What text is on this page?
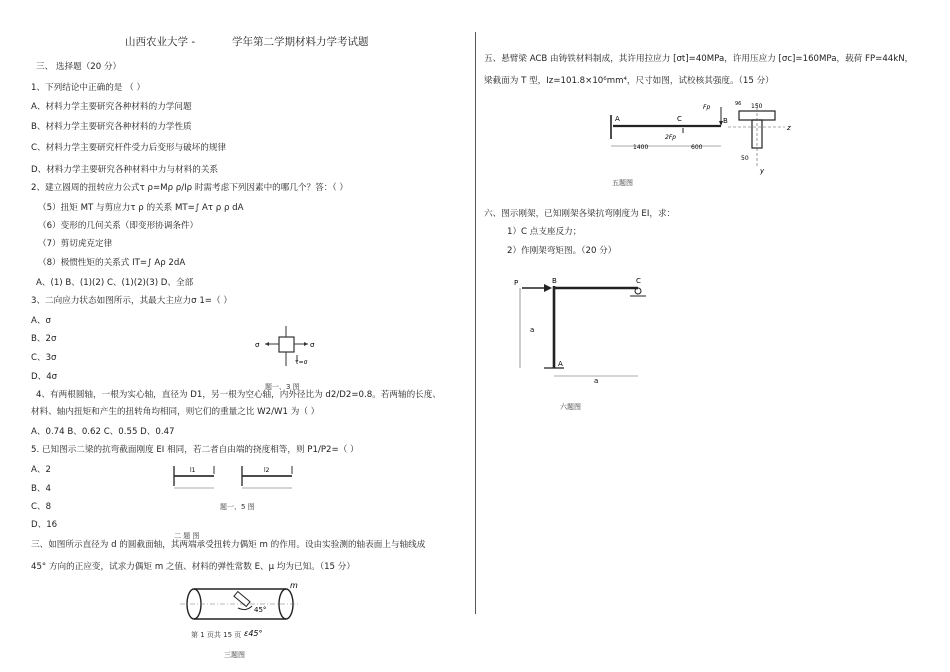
山西农业大学 -	学年第二学期材料力学考试题
三、 选择题（20 分）
1、下列结论中正确的是 （ ）
A、材料力学主要研究各种材料的力学问题
B、材料力学主要研究各种材料的力学性质
C、材料力学主要研究杆件受力后变形与破坏的规律
D、材料力学主要研究各种材料中力与材料的关系
2、建立圆周的扭转应力公式τ ρ=Mρ ρ/Iρ 时需考虑下列因素中的哪几个？答：（ ）
（5）扭矩 MT 与剪应力τ ρ 的关系 MT=∫ Aτ ρ ρ dA
（6）变形的几何关系（即变形协调条件）
（7）剪切虎克定律
（8）极惯性矩的关系式 IT=∫ Aρ 2dA
A、(1) B、(1)(2) C、(1)(2)(3) D、全部
3、二向应力状态如图所示，其最大主应力σ 1=（ ）
A、σ
B、2σ
C、3σ
D、4σ
σ	σ
τ=σ
题一、3 图
4、有两根圆轴，一根为实心轴，直径为 D1，另一根为空心轴，内外径比为 d2/D2=0.8。若两轴的长度、
材料、轴内扭矩和产生的扭转角均相同，则它们的重量之比 W2/W1 为（ ）
A、0.74 B、0.62 C、0.55 D、0.47
5. 已知图示二梁的抗弯截面刚度 EI 相同，若二者自由端的挠度相等，则 P1/P2=（ ）
A、2
B、4
C、8
D、16
l1	l2
题一、5 图
二 题 图
三、如图所示直径为 d 的圆截面轴，其两端承受扭转力偶矩 m 的作用。设由实验测的轴表面上与轴线成
45° 方向的正应变，试求力偶矩 m 之值、材料的弹性常数 E、μ 均为已知。（15 分）
45°
m
ε45°
第 1 页共 15 页
三题图
五、悬臂梁 ACB 由铸铁材料制成，其许用拉应力 [σt]=40MPa，许用压应力 [σc]=160MPa，载荷 FP=44kN，
梁截面为 T 型，Iz=101.8×10⁶mm⁴，尺寸如图，试校核其强度。（15 分）
A	C	B
Fp
2Fp
1400	600
150
50
z
y
96
五题图
六、图示刚架，已知刚架各梁抗弯刚度为 EI，求：
1）C 点支座反力；
2）作刚架弯矩图。（20 分）
P	B	C
A
a
a
六题图
